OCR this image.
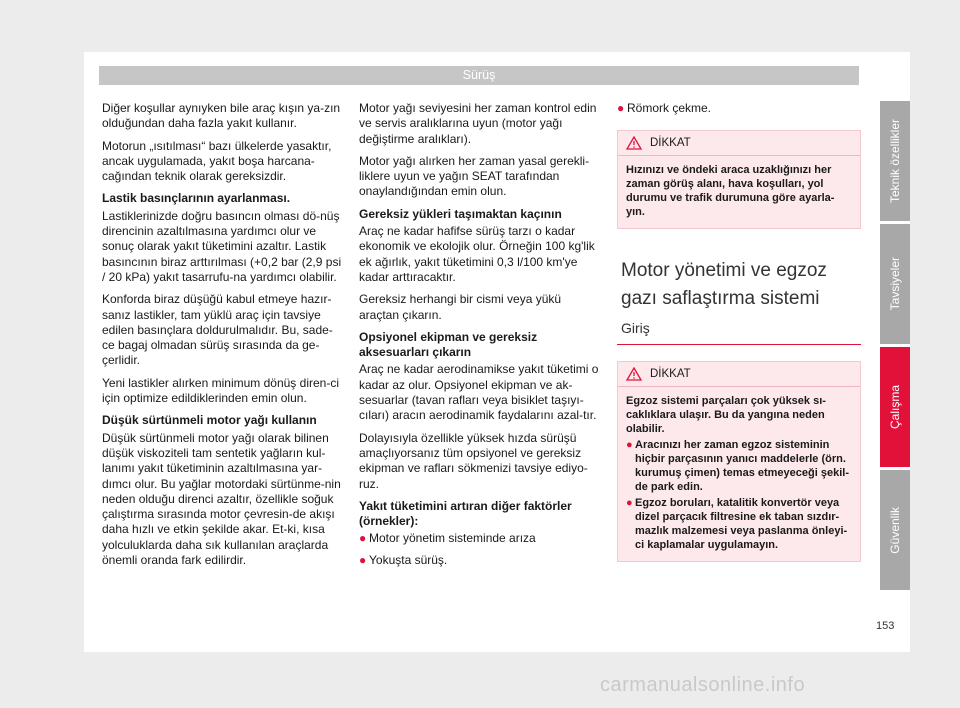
Sürüş

Diğer koşullar aynıyken bile araç kışın ya-zın olduğundan daha fazla yakıt kullanır.

Motorun „ısıtılması“ bazı ülkelerde yasaktır, ancak uygulamada, yakıt boşa harcana-cağından teknik olarak gereksizdir.

Lastik basınçlarının ayarlanması.

Lastiklerinizde doğru basıncın olması dö-nüş direncinin azaltılmasına yardımcı olur ve sonuç olarak yakıt tüketimini azaltır. Lastik basıncının biraz arttırılması (+0,2 bar (2,9 psi / 20 kPa) yakıt tasarrufu-na yardımcı olabilir.

Konforda biraz düşüğü kabul etmeye hazır-sanız lastikler, tam yüklü araç için tavsiye edilen basınçlara doldurulmalıdır. Bu, sade-ce bagaj olmadan sürüş sırasında da ge-çerlidir.

Yeni lastikler alırken minimum dönüş diren-ci için optimize edildiklerinden emin olun.

Düşük sürtünmeli motor yağı kullanın

Düşük sürtünmeli motor yağı olarak bilinen düşük viskoziteli tam sentetik yağların kul-lanımı yakıt tüketiminin azaltılmasına yar-dımcı olur. Bu yağlar motordaki sürtünme-nin neden olduğu direnci azaltır, özellikle soğuk çalıştırma sırasında motor çevresin-de akışı daha hızlı ve etkin şekilde akar. Et-ki, kısa yolculuklarda daha sık kullanılan araçlarda önemli oranda fark edilirdir.

Motor yağı seviyesini her zaman kontrol edin ve servis aralıklarına uyun (motor yağı değiştirme aralıkları).

Motor yağı alırken her zaman yasal gerekli-liklere uyun ve yağın SEAT tarafından onaylandığından emin olun.

Gereksiz yükleri taşımaktan kaçının

Araç ne kadar hafifse sürüş tarzı o kadar ekonomik ve ekolojik olur. Örneğin 100 kg'lik ek ağırlık, yakıt tüketimini 0,3 l/100 km'ye kadar arttıracaktır.

Gereksiz herhangi bir cismi veya yükü araçtan çıkarın.

Opsiyonel ekipman ve gereksiz aksesuarları çıkarın

Araç ne kadar aerodinamikse yakıt tüketimi o kadar az olur. Opsiyonel ekipman ve ak-sesuarlar (tavan rafları veya bisiklet taşıyı-cıları) aracın aerodinamik faydalarını azal-tır.

Dolayısıyla özellikle yüksek hızda sürüşü amaçlıyorsanız tüm opsiyonel ve gereksiz ekipman ve rafları sökmenizi tavsiye ediyo-ruz.

Yakıt tüketimini artıran diğer faktörler (örnekler):

● Motor yönetim sisteminde arıza
● Yokuşta sürüş.
● Römork çekme.
DİKKAT
Hızınızı ve öndeki araca uzaklığınızı her zaman görüş alanı, hava koşulları, yol durumu ve trafik durumuna göre ayarla-yın.
Motor yönetimi ve egzoz gazı saflaştırma sistemi
Giriş
DİKKAT
Egzoz sistemi parçaları çok yüksek sı-caklıklara ulaşır. Bu da yangına neden olabilir.
● Aracınızı her zaman egzoz sisteminin hiçbir parçasının yanıcı maddelerle (örn. kurumuş çimen) temas etmeyeceği şekil-de park edin.
● Egzoz boruları, katalitik konvertör veya dizel parçacık filtresine ek taban sızdır-mazlık malzemesi veya paslanma önleyi-ci kaplamalar uygulamayın.
Teknik özellikler
Tavsiyeler
Çalışma
Güvenlik
153
carmanualsonline.info
